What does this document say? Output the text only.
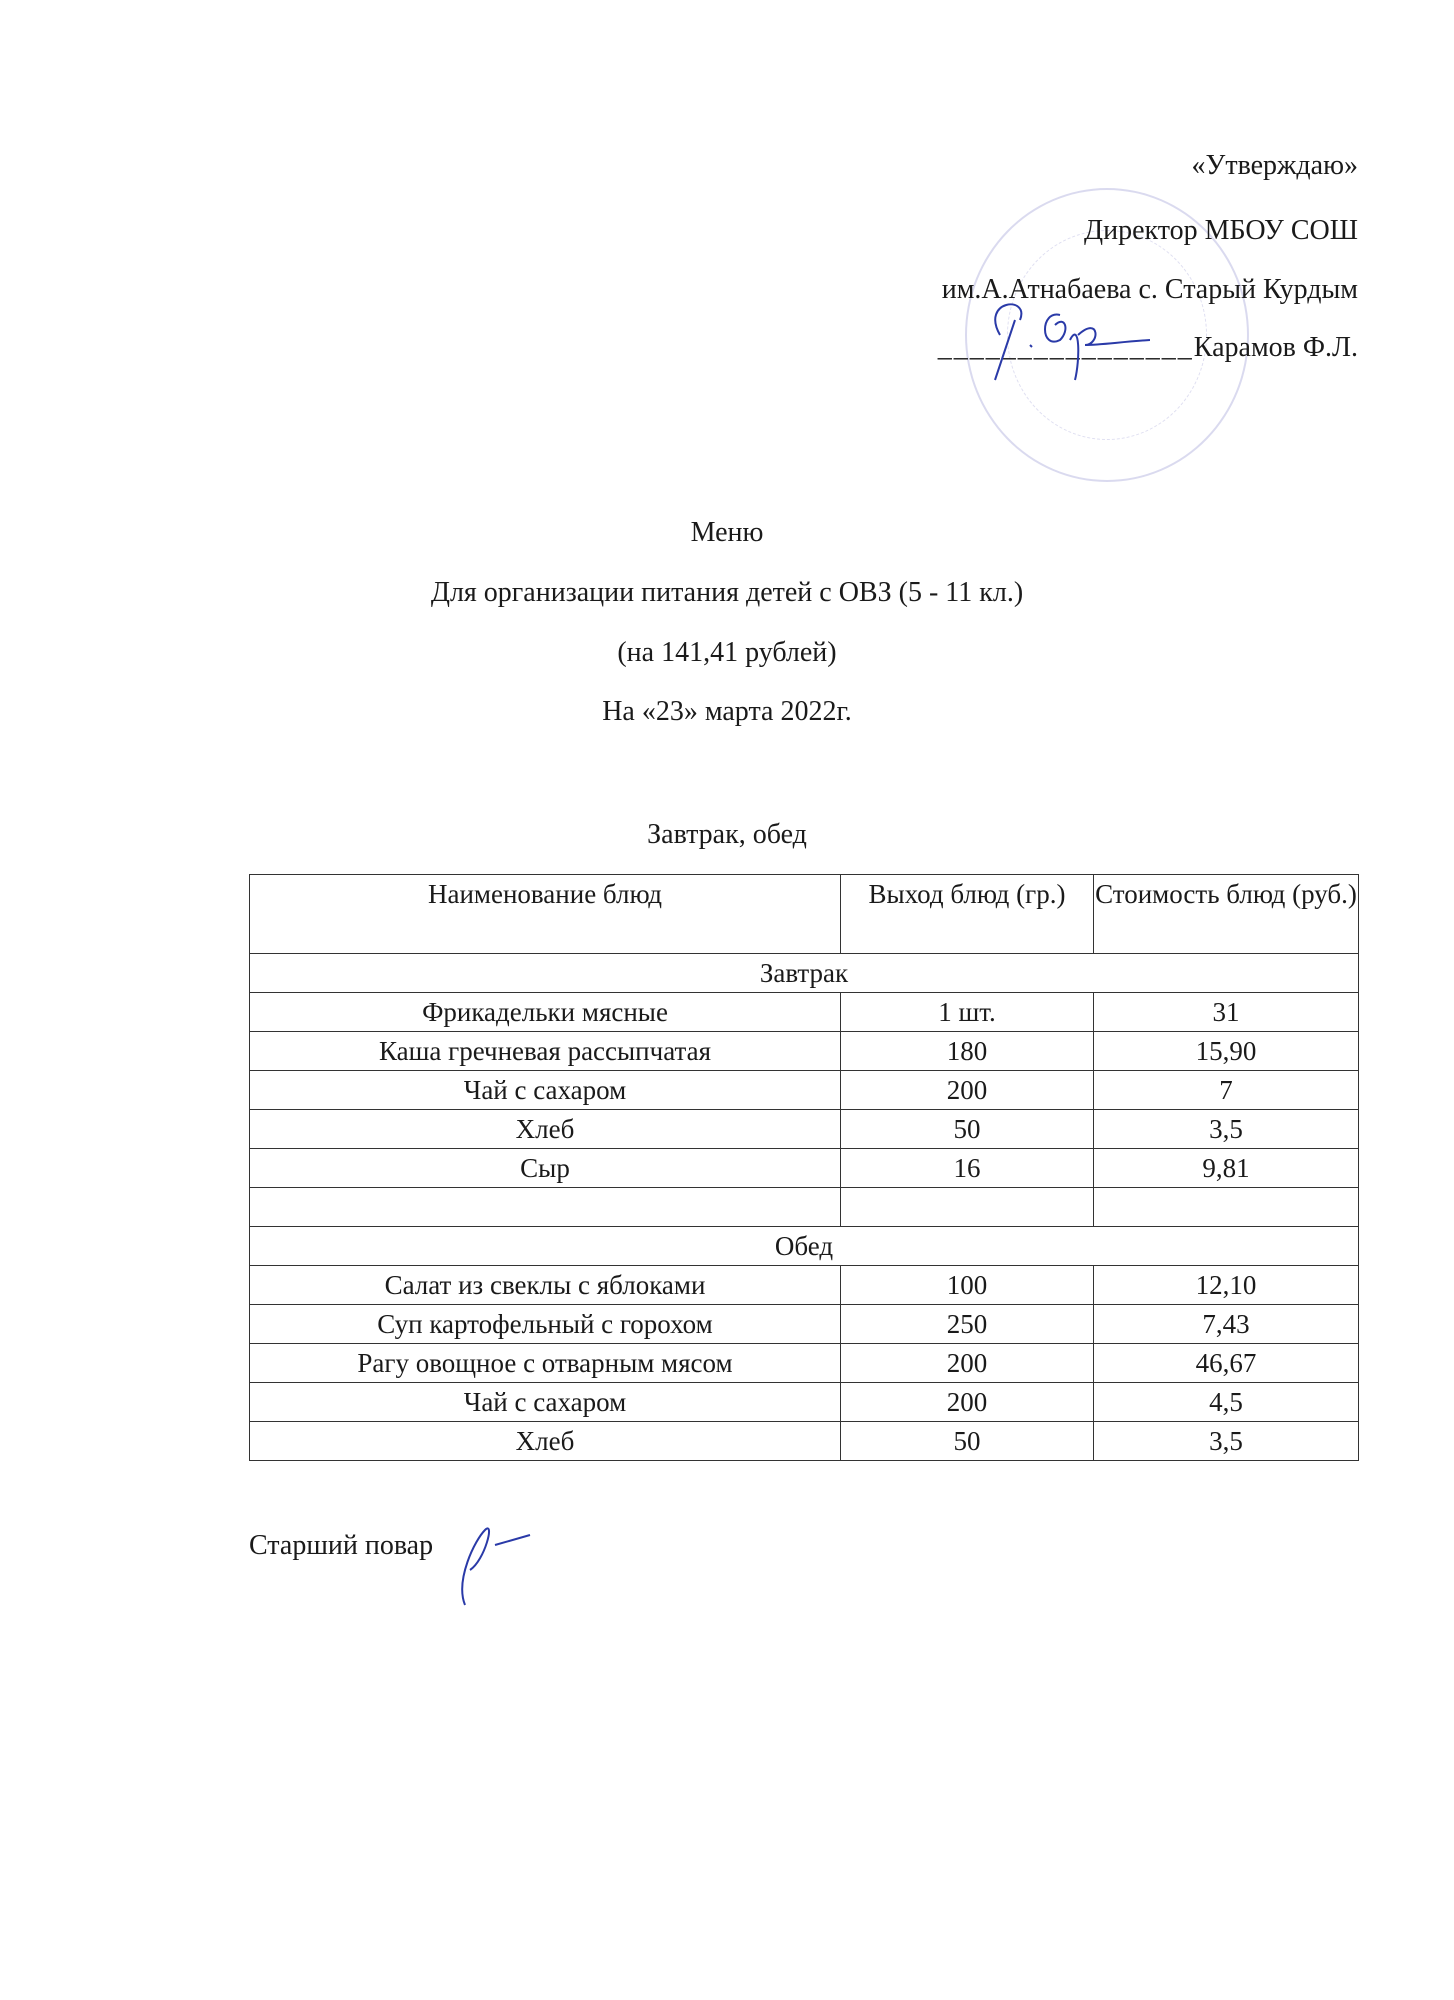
«Утверждаю»
Директор МБОУ СОШ
им.А.Атнабаева с. Старый Курдым
________________Карамов Ф.Л.
Меню
Для организации питания детей с ОВЗ (5 - 11 кл.)
(на 141,41 рублей)
На «23» марта 2022г.
Завтрак, обед
Наименование блюд	Выход блюд (гр.)	Стоимость блюд (руб.)
Завтрак		
Фрикадельки мясные	1 шт.	31
Каша гречневая рассыпчатая	180	15,90
Чай с сахаром	200	7
Хлеб	50	3,5
Сыр	16	9,81

Обед		
Салат из свеклы с яблоками	100	12,10
Суп картофельный с горохом	250	7,43
Рагу овощное с отварным мясом	200	46,67
Чай с сахаром	200	4,5
Хлеб	50	3,5
Старший повар
